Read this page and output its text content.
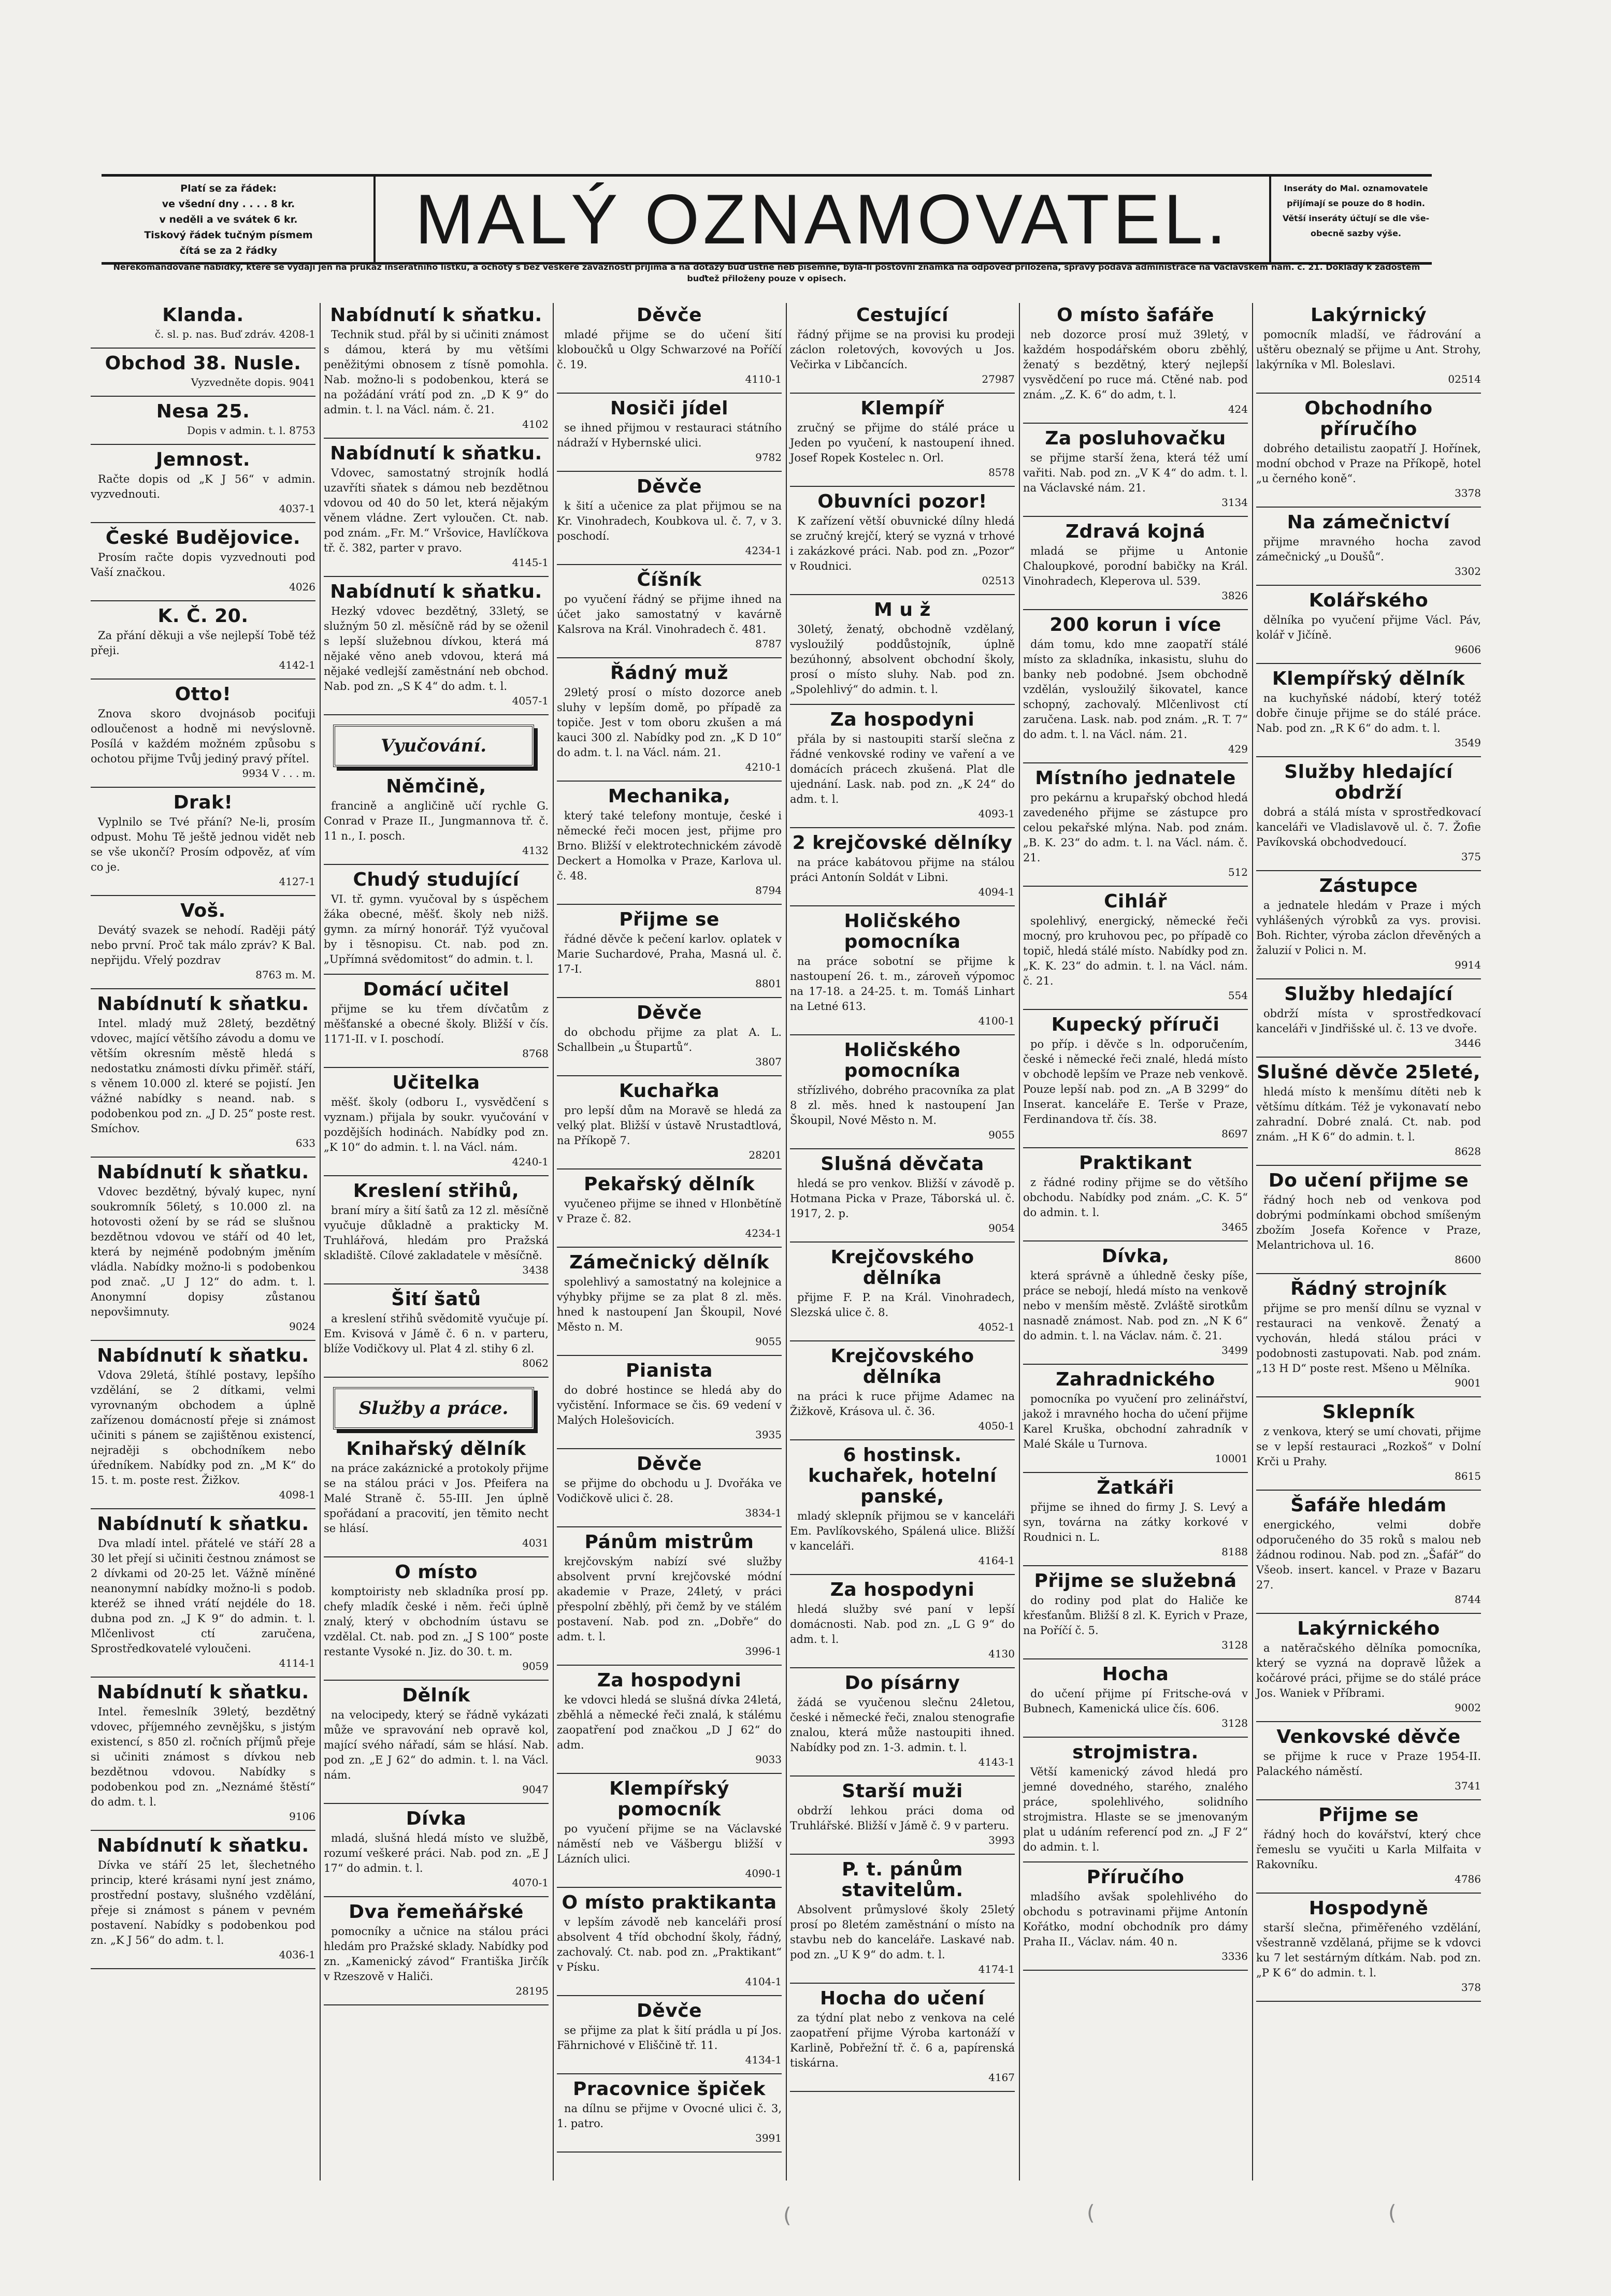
Platí se za řádek:
ve všední dny . . . . 8 kr.
v neděli a ve svátek 6 kr.
Tiskový řádek tučným písmem
čítá se za 2 řádky	MALÝ OZNAMOVATEL.	Inseráty do Mal. oznamovatele
přijímají se pouze do 8 hodin.
Větší inseráty účtují se dle vše-
obecně sazby výše.
Nerekomandované nabídky, které se vydají jen na průkaz inserátního lístku, a ochoty s bez veškeré závaznosti přijímá a na dotazy buď ústně neb písemně, byla-li poštovní známka na odpověď přiložena, správy podává administrace na Václavském nám. č. 21. Doklady k žádostem buďtež přiloženy pouze v opisech.
Klanda.
č. sl. p. nas. Buď zdráv. 4208-1
Obchod 38. Nusle.
Vyzvedněte dopis. 9041
Nesa 25.
Dopis v admin. t. l. 8753
Jemnost.
Račte dopis od „K J 56“ v admin. vyzvednouti.
4037-1
České Budějovice.
Prosím račte dopis vyzvednouti pod Vaší značkou.
4026
K. Č. 20.
Za přání děkuji a vše nejlepší Tobě též přeji.
4142-1
Otto!
Znova skoro dvojnásob pociťuji odloučenost a hodně mi nevýslovně. Posílá v každém možném způsobu s ochotou přijme Tvůj jediný pravý přítel.
9934 V . . . m.
Drak!
Vyplnilo se Tvé přání? Ne-li, prosím odpust. Mohu Tě ještě jednou vidět neb se vše ukončí? Prosím odpověz, ať vím co je.
4127-1
Voš.
Devátý svazek se nehodí. Raději pátý nebo první. Proč tak málo zpráv? K Bal. nepřijdu. Vřelý pozdrav
8763 m. M.
Nabídnutí k sňatku.
Intel. mladý muž 28letý, bezdětný vdovec, mající většího závodu a domu ve větším okresním městě hledá s nedostatku známosti dívku přiměř. stáří, s věnem 10.000 zl. které se pojistí. Jen vážné nabídky s neand. nab. s podobenkou pod zn. „J D. 25“ poste rest. Smíchov.
633
Nabídnutí k sňatku.
Vdovec bezdětný, bývalý kupec, nyní soukromník 56letý, s 10.000 zl. na hotovosti ožení by se rád se slušnou bezdětnou vdovou ve stáří od 40 let, která by nejméně podobným jměním vládla. Nabídky možno-li s podobenkou pod znač. „U J 12“ do adm. t. l. Anonymní dopisy zůstanou nepovšimnuty.
9024
Nabídnutí k sňatku.
Vdova 29letá, štíhlé postavy, lepšího vzdělání, se 2 dítkami, velmi vyrovnaným obchodem a úplně zařízenou domácností přeje si známost učiniti s pánem se zajištěnou existencí, nejraději s obchodníkem nebo úředníkem. Nabídky pod zn. „M K“ do 15. t. m. poste rest. Žižkov.
4098-1
Nabídnutí k sňatku.
Dva mladí intel. přátelé ve stáří 28 a 30 let přejí si učiniti čestnou známost se 2 dívkami od 20-25 let. Vážně míněné neanonymní nabídky možno-li s podob. kteréž se ihned vrátí nejdéle do 18. dubna pod zn. „J K 9“ do admin. t. l. Mlčenlivost ctí zaručena, Sprostředkovatelé vyloučeni.
4114-1
Nabídnutí k sňatku.
Intel. řemeslník 39letý, bezdětný vdovec, příjemného zevnějšku, s jistým existencí, s 850 zl. ročních příjmů přeje si učiniti známost s dívkou neb bezdětnou vdovou. Nabídky s podobenkou pod zn. „Neznámé štěstí“ do adm. t. l.
9106
Nabídnutí k sňatku.
Dívka ve stáří 25 let, šlechetného princip, které krásami nyní jest známo, prostřední postavy, slušného vzdělání, přeje si známost s pánem v pevném postavení. Nabídky s podobenkou pod zn. „K J 56“ do adm. t. l.
4036-1
Nabídnutí k sňatku.
Technik stud. přál by si učiniti známost s dámou, která by mu většími peněžitými obnosem z tísně pomohla. Nab. možno-li s podobenkou, která se na požádání vrátí pod zn. „D K 9“ do admin. t. l. na Václ. nám. č. 21.
4102
Nabídnutí k sňatku.
Vdovec, samostatný strojník hodlá uzavříti sňatek s dámou neb bezdětnou vdovou od 40 do 50 let, která nějakým věnem vládne. Zert vyloučen. Ct. nab. pod znám. „Fr. M.“ Vršovice, Havlíčkova tř. č. 382, parter v pravo.
4145-1
Nabídnutí k sňatku.
Hezký vdovec bezdětný, 33letý, se služným 50 zl. měsíčně rád by se oženil s lepší služebnou dívkou, která má nějaké věno aneb vdovou, která má nějaké vedlejší zaměstnání neb obchod. Nab. pod zn. „S K 4“ do adm. t. l.
4057-1
Vyučování.
Němčině,
francině a angličině učí rychle G. Conrad v Praze II., Jungmannova tř. č. 11 n., I. posch.
4132
Chudý studující
VI. tř. gymn. vyučoval by s úspěchem žáka obecné, měšť. školy neb nižš. gymn. za mírný honorář. Týž vyučoval by i těsnopisu. Ct. nab. pod zn. „Upřímná svědomitost“ do admin. t. l.
Domácí učitel
přijme se ku třem dívčatům z měšťanské a obecné školy. Bližší v čís. 1171-II. v I. poschodí.
8768
Učitelka
měšť. školy (odboru I., vysvědčení s vyznam.) přijala by soukr. vyučování v pozdějších hodinách. Nabídky pod zn. „K 10“ do admin. t. l. na Václ. nám.
4240-1
Kreslení střihů,
braní míry a šití šatů za 12 zl. měsíčně vyučuje důkladně a prakticky M. Truhlářová, hledám pro Pražská skladiště. Cílové zakladatele v měsíčně.
3438
Šití šatů
a kreslení střihů svědomitě vyučuje pí. Em. Kvisová v Jámě č. 6 n. v parteru, blíže Vodičkovy ul. Plat 4 zl. stihy 6 zl.
8062
Služby a práce.
Knihařský dělník
na práce zakáznické a protokoly přijme se na stálou práci v Jos. Pfeifera na Malé Straně č. 55-III. Jen úplně spořádaní a pracovití, jen těmito necht se hlásí.
4031
O místo
komptoiristy neb skladníka prosí pp. chefy mladík české i něm. řeči úplně znalý, který v obchodním ústavu se vzdělal. Ct. nab. pod zn. „J S 100“ poste restante Vysoké n. Jiz. do 30. t. m.
9059
Dělník
na velocipedy, který se řádně vykázati může ve spravování neb opravě kol, mající svého nářadí, sám se hlásí. Nab. pod zn. „E J 62“ do admin. t. l. na Václ. nám.
9047
Dívka
mladá, slušná hledá místo ve službě, rozumí veškeré práci. Nab. pod zn. „E J 17“ do admin. t. l.
4070-1
Dva řemeňářské
pomocníky a učnice na stálou práci hledám pro Pražské sklady. Nabídky pod zn. „Kamenický závod“ Františka Jirčík v Rzeszově v Haliči.
28195
Děvče
mladé přijme se do učení šití kloboučků u Olgy Schwarzové na Poříčí č. 19.
4110-1
Nosiči jídel
se ihned přijmou v restauraci státního nádraží v Hybernské ulici.
9782
Děvče
k šití a učenice za plat přijmou se na Kr. Vinohradech, Koubkova ul. č. 7, v 3. poschodí.
4234-1
Číšník
po vyučení řádný se přijme ihned na účet jako samostatný v kavárně Kalsrova na Král. Vinohradech č. 481.
8787
Řádný muž
29letý prosí o místo dozorce aneb sluhy v lepším domě, po případě za topiče. Jest v tom oboru zkušen a má kauci 300 zl. Nabídky pod zn. „K D 10“ do adm. t. l. na Václ. nám. 21.
4210-1
Mechanika,
který také telefony montuje, české i německé řeči mocen jest, přijme pro Brno. Bližší v elektrotechnickém závodě Deckert a Homolka v Praze, Karlova ul. č. 48.
8794
Přijme se
řádné děvče k pečení karlov. oplatek v Marie Suchardové, Praha, Masná ul. č. 17-I.
8801
Děvče
do obchodu přijme za plat A. L. Schallbein „u Štupartů“.
3807
Kuchařka
pro lepší dům na Moravě se hledá za velký plat. Bližší v ústavě Nrustadtlová, na Příkopě 7.
28201
Pekařský dělník
vyučeneo přijme se ihned v Hlonbětíně v Praze č. 82.
4234-1
Zámečnický dělník
spolehlivý a samostatný na kolejnice a výhybky přijme se za plat 8 zl. měs. hned k nastoupení Jan Škoupil, Nové Město n. M.
9055
Pianista
do dobré hostince se hledá aby do vyčistění. Informace se čis. 69 vedení v Malých Holešovicích.
3935
Děvče
se přijme do obchodu u J. Dvořáka ve Vodičkově ulici č. 28.
3834-1
Pánům mistrům
krejčovským nabízí své služby absolvent první krejčovské módní akademie v Praze, 24letý, v práci přespolní zběhlý, při čemž by ve stálém postavení. Nab. pod zn. „Dobře“ do adm. t. l.
3996-1
Za hospodyni
ke vdovci hledá se slušná dívka 24letá, zběhlá a německé řeči znalá, k stálému zaopatření pod značkou „D J 62“ do adm.
9033
Klempířský pomocník
po vyučení přijme se na Václavské náměstí neb ve Vášbergu bližší v Lázních ulici.
4090-1
O místo praktikanta
v lepším závodě neb kanceláři prosí absolvent 4 tříd obchodní školy, řádný, zachovalý. Ct. nab. pod zn. „Praktikant“ v Písku.
4104-1
Děvče
se přijme za plat k šití prádla u pí Jos. Fährnichové v Eliščině tř. 11.
4134-1
Pracovnice špiček
na dílnu se přijme v Ovocné ulici č. 3, 1. patro.
3991
Cestující
řádný přijme se na provisi ku prodeji záclon roletových, kovových u Jos. Večirka v Libčancích.
27987
Klempíř
zručný se přijme do stálé práce u Jeden po vyučení, k nastoupení ihned. Josef Ropek Kostelec n. Orl.
8578
Obuvníci pozor!
K zařízení větší obuvnické dílny hledá se zručný krejčí, který se vyzná v trhové i zakázkové práci. Nab. pod zn. „Pozor“ v Roudnici.
02513
M u ž
30letý, ženatý, obchodně vzdělaný, vysloužilý poddůstojník, úplně bezúhonný, absolvent obchodní školy, prosí o místo sluhy. Nab. pod zn. „Spolehlivý“ do admin. t. l.
Za hospodyni
přála by si nastoupiti starší slečna z řádné venkovské rodiny ve vaření a ve domácích prácech zkušená. Plat dle ujednání. Lask. nab. pod zn. „K 24“ do adm. t. l.
4093-1
2 krejčovské dělníky
na práce kabátovou přijme na stálou práci Antonín Soldát v Libni.
4094-1
Holičského pomocníka
na práce sobotní se přijme k nastoupení 26. t. m., zároveň výpomoc na 17-18. a 24-25. t. m. Tomáš Linhart na Letné 613.
4100-1
Holičského pomocníka
střízlivého, dobrého pracovníka za plat 8 zl. měs. hned k nastoupení Jan Škoupil, Nové Město n. M.
9055
Slušná děvčata
hledá se pro venkov. Bližší v závodě p. Hotmana Picka v Praze, Táborská ul. č. 1917, 2. p.
9054
Krejčovského dělníka
přijme F. P. na Král. Vinohradech, Slezská ulice č. 8.
4052-1
Krejčovského dělníka
na práci k ruce přijme Adamec na Žižkově, Krásova ul. č. 36.
4050-1
6 hostinsk. kuchařek, hotelní panské,
mladý sklepník přijmou se v kanceláři Em. Pavlíkovského, Spálená ulice. Bližší v kanceláři.
4164-1
Za hospodyni
hledá služby své paní v lepší domácnosti. Nab. pod zn. „L G 9“ do adm. t. l.
4130
Do písárny
žádá se vyučenou slečnu 24letou, české i německé řeči, znalou stenografie znalou, která může nastoupiti ihned. Nabídky pod zn. 1-3. admin. t. l.
4143-1
Starší muži
obdrží lehkou práci doma od Truhlářské. Bližší v Jámě č. 9 v parteru.
3993
P. t. pánům stavitelům.
Absolvent průmyslové školy 25letý prosí po 8letém zaměstnání o místo na stavbu neb do kanceláře. Laskavé nab. pod zn. „U K 9“ do adm. t. l.
4174-1
Hocha do učení
za týdní plat nebo z venkova na celé zaopatření přijme Výroba kartonáží v Karlině, Pobřežní tř. č. 6 a, papírenská tiskárna.
4167
O místo šafáře
neb dozorce prosí muž 39letý, v každém hospodářském oboru zběhlý, ženatý s bezdětný, který nejlepší vysvědčení po ruce má. Ctěné nab. pod znám. „Z. K. 6“ do adm, t. l.
424
Za posluhovačku
se přijme starší žena, která též umí vařiti. Nab. pod zn. „V K 4“ do adm. t. l. na Václavské nám. 21.
3134
Zdravá kojná
mladá se přijme u Antonie Chaloupkové, porodní babičky na Král. Vinohradech, Kleperova ul. 539.
3826
200 korun i více
dám tomu, kdo mne zaopatří stálé místo za skladníka, inkasistu, sluhu do banky neb podobné. Jsem obchodně vzdělán, vysloužilý šikovatel, kance schopný, zachovalý. Mlčenlivost ctí zaručena. Lask. nab. pod znám. „R. T. 7“ do adm. t. l. na Václ. nám. 21.
429
Místního jednatele
pro pekárnu a krupařský obchod hledá zavedeného přijme se zástupce pro celou pekařské mlýna. Nab. pod znám. „B. K. 23“ do adm. t. l. na Václ. nám. č. 21.
512
Cihlář
spolehlivý, energický, německé řeči mocný, pro kruhovou pec, po případě co topič, hledá stálé místo. Nabídky pod zn. „K. K. 23“ do admin. t. l. na Václ. nám. č. 21.
554
Kupecký příruči
po příp. i děvče s ln. odporučením, české i německé řeči znalé, hledá místo v obchodě lepším ve Praze neb venkově. Pouze lepší nab. pod zn. „A B 3299“ do Inserat. kanceláře E. Terše v Praze, Ferdinandova tř. čís. 38.
8697
Praktikant
z řádné rodiny přijme se do většího obchodu. Nabídky pod znám. „C. K. 5“ do admin. t. l.
3465
Dívka,
která správně a úhledně česky píše, práce se nebojí, hledá místo na venkově nebo v menším městě. Zvláště sirotkům nasnadě známost. Nab. pod zn. „N K 6“ do admin. t. l. na Václav. nám. č. 21.
3499
Zahradnického
pomocníka po vyučení pro zelinářství, jakož i mravného hocha do učení přijme Karel Kruška, obchodní zahradník v Malé Skále u Turnova.
10001
Žatkáři
přijme se ihned do firmy J. S. Levý a syn, továrna na zátky korkové v Roudnici n. L.
8188
Přijme se služebná
do rodiny pod plat do Haliče ke křesťanům. Bližší 8 zl. K. Eyrich v Praze, na Poříčí č. 5.
3128
Hocha
do učení přijme pí Fritsche-ová v Bubnech, Kamenická ulice čís. 606.
3128
strojmistra.
Větší kamenický závod hledá pro jemné dovedného, starého, znalého práce, spolehlivého, solidního strojmistra. Hlaste se se jmenovaným plat u udáním referencí pod zn. „J F 2“ do admin. t. l.
Příručího
mladšího avšak spolehlivého do obchodu s potravinami přijme Antonín Kořátko, modní obchodník pro dámy Praha II., Václav. nám. 40 n.
3336
Lakýrnický
pomocník mladší, ve řádrování a uštěru obeznalý se přijme u Ant. Strohy, lakýrníka v Ml. Boleslavi.
02514
Obchodního příručího
dobrého detailistu zaopatří J. Hořínek, modní obchod v Praze na Příkopě, hotel „u černého koně“.
3378
Na zámečnictví
přijme mravného hocha zavod zámečnický „u Doušů“.
3302
Kolářského
dělníka po vyučení přijme Václ. Páv, kolář v Jičíně.
9606
Klempířský dělník
na kuchyňské nádobí, který totéž dobře činuje přijme se do stálé práce. Nab. pod zn. „R K 6“ do adm. t. l.
3549
Služby hledající obdrží
dobrá a stálá místa v sprostředkovací kanceláři ve Vladislavově ul. č. 7. Žofie Pavíkovská obchodvedoucí.
375
Zástupce
a jednatele hledám v Praze i mých vyhlášených výrobků za vys. provisi. Boh. Richter, výroba záclon dřevěných a žaluzií v Polici n. M.
9914
Služby hledající
obdrží místa v sprostředkovací kanceláři v Jindřišské ul. č. 13 ve dvoře.
3446
Slušné děvče 25leté,
hledá místo k menšímu dítěti neb k většímu dítkám. Též je vykonavatí nebo zahradní. Dobré znalá. Ct. nab. pod znám. „H K 6“ do admin. t. l.
8628
Do učení přijme se
řádný hoch neb od venkova pod dobrými podmínkami obchod smíšeným zbožím Josefa Kořence v Praze, Melantrichova ul. 16.
8600
Řádný strojník
přijme se pro menší dílnu se vyznal v restauraci na venkově. Ženatý a vychován, hledá stálou práci v podobnosti zastupovati. Nab. pod znám. „13 H D“ poste rest. Mšeno u Mělníka.
9001
Sklepník
z venkova, který se umí chovati, přijme se v lepší restauraci „Rozkoš“ v Dolní Krči u Prahy.
8615
Šafáře hledám
energického, velmi dobře odporučeného do 35 roků s malou neb žádnou rodinou. Nab. pod zn. „Šafář“ do Všeob. insert. kancel. v Praze v Bazaru 27.
8744
Lakýrnického
a natěračského dělníka pomocníka, který se vyzná na dopravě lůžek a kočárové práci, přijme se do stálé práce Jos. Waniek v Příbrami.
9002
Venkovské děvče
se přijme k ruce v Praze 1954-II. Palackého náměstí.
3741
Přijme se
řádný hoch do kovářství, který chce řemeslu se vyučiti u Karla Milfaita v Rakovníku.
4786
Hospodyně
starší slečna, přiměřeného vzdělání, všestranně vzdělaná, přijme se k vdovci ku 7 let sestárným dítkám. Nab. pod zn. „P K 6“ do admin. t. l.
378
(	(	(
